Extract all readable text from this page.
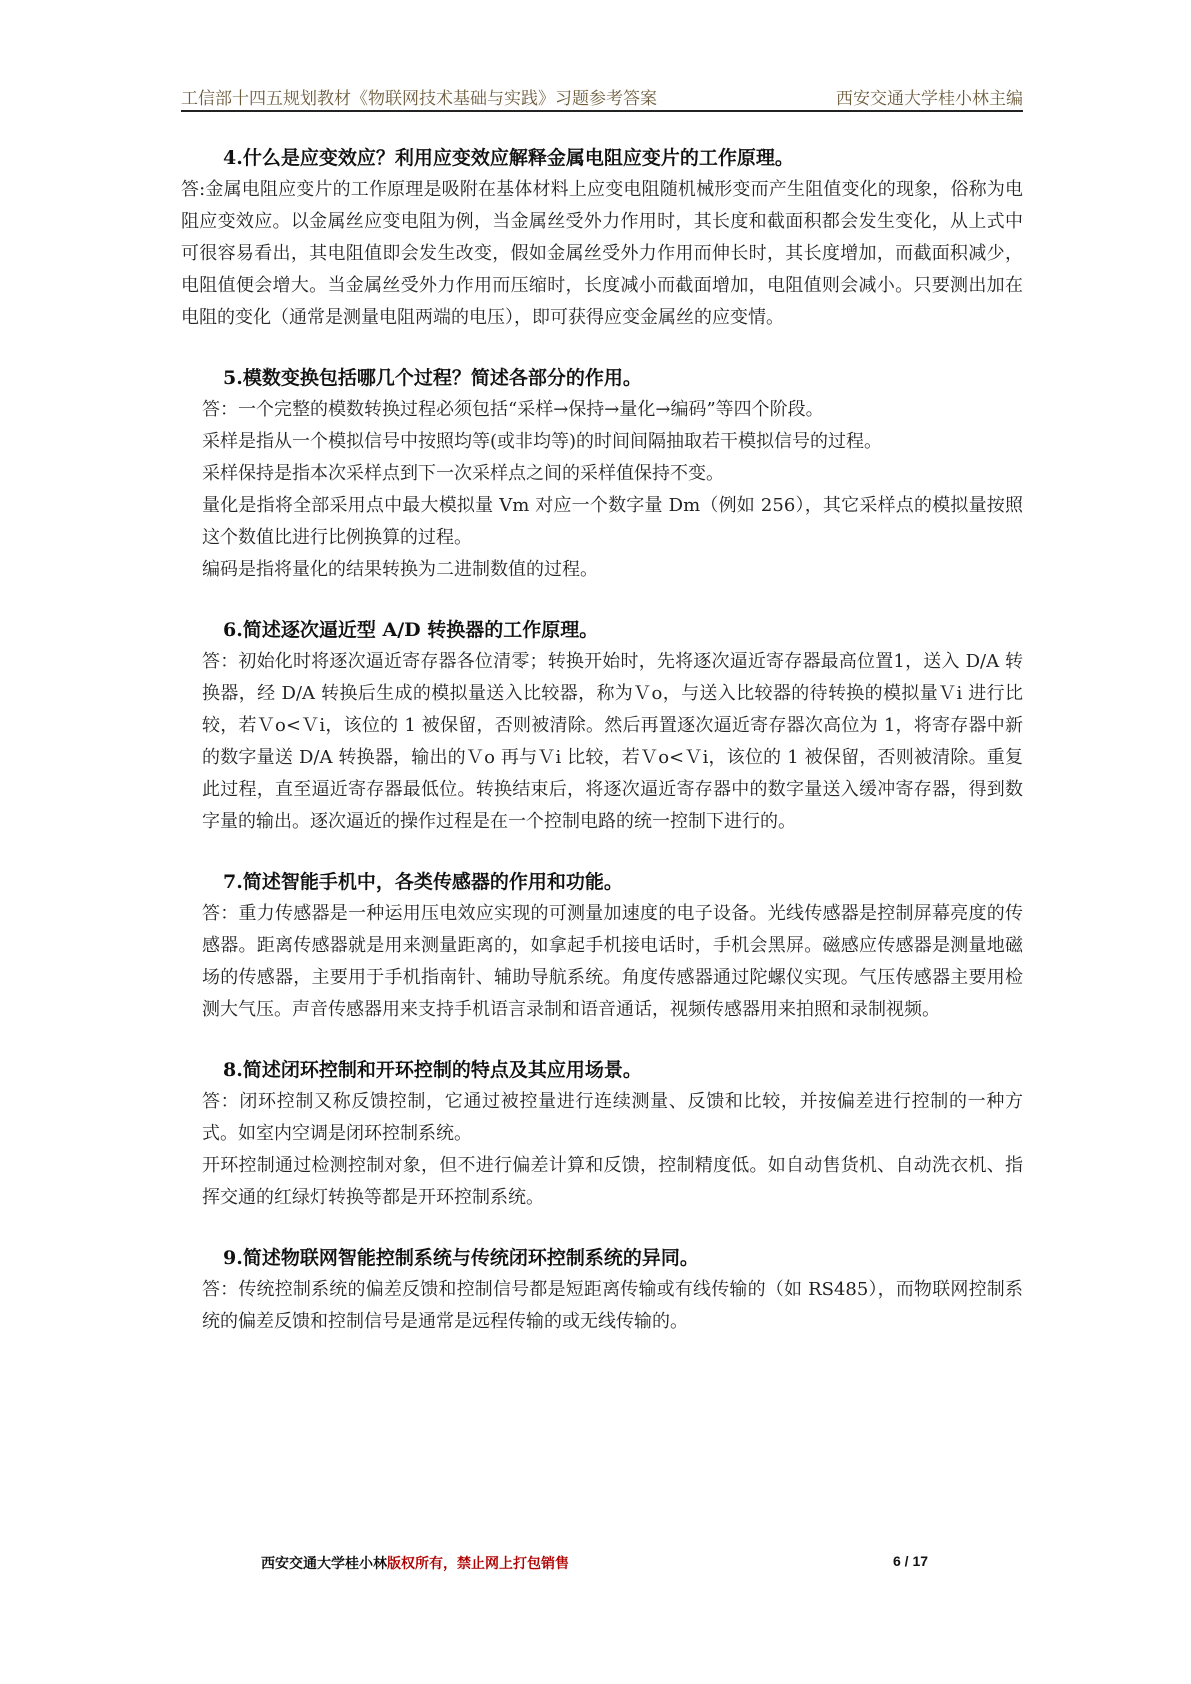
工信部十四五规划教材《物联网技术基础与实践》习题参考答案	西安交通大学桂小林主编

4.什么是应变效应？利用应变效应解释金属电阻应变片的工作原理。

答:金属电阻应变片的工作原理是吸附在基体材料上应变电阻随机械形变而产生阻值变化的现象，俗称为电阻应变效应。以金属丝应变电阻为例，当金属丝受外力作用时，其长度和截面积都会发生变化，从上式中可很容易看出，其电阻值即会发生改变，假如金属丝受外力作用而伸长时，其长度增加，而截面积减少，电阻值便会增大。当金属丝受外力作用而压缩时，长度减小而截面增加，电阻值则会减小。只要测出加在电阻的变化（通常是测量电阻两端的电压），即可获得应变金属丝的应变情。

5.模数变换包括哪几个过程？简述各部分的作用。

答：一个完整的模数转换过程必须包括“采样→保持→量化→编码”等四个阶段。

采样是指从一个模拟信号中按照均等(或非均等)的时间间隔抽取若干模拟信号的过程。

采样保持是指本次采样点到下一次采样点之间的采样值保持不变。

量化是指将全部采用点中最大模拟量 Vm 对应一个数字量 Dm（例如 256），其它采样点的模拟量按照这个数值比进行比例换算的过程。

编码是指将量化的结果转换为二进制数值的过程。

6.简述逐次逼近型 A/D 转换器的工作原理。

答：初始化时将逐次逼近寄存器各位清零；转换开始时，先将逐次逼近寄存器最高位置1，送入 D/A 转换器，经 D/A 转换后生成的模拟量送入比较器，称为Ｖo，与送入比较器的待转换的模拟量Ｖi 进行比较，若Ｖo<Ｖi，该位的 1 被保留，否则被清除。然后再置逐次逼近寄存器次高位为 1，将寄存器中新的数字量送 D/A 转换器，输出的Ｖo 再与Ｖi 比较，若Ｖo<Ｖi，该位的 1 被保留，否则被清除。重复此过程，直至逼近寄存器最低位。转换结束后，将逐次逼近寄存器中的数字量送入缓冲寄存器，得到数字量的输出。逐次逼近的操作过程是在一个控制电路的统一控制下进行的。

7.简述智能手机中，各类传感器的作用和功能。

答：重力传感器是一种运用压电效应实现的可测量加速度的电子设备。光线传感器是控制屏幕亮度的传感器。距离传感器就是用来测量距离的，如拿起手机接电话时，手机会黑屏。磁感应传感器是测量地磁场的传感器，主要用于手机指南针、辅助导航系统。角度传感器通过陀螺仪实现。气压传感器主要用检测大气压。声音传感器用来支持手机语言录制和语音通话，视频传感器用来拍照和录制视频。

8.简述闭环控制和开环控制的特点及其应用场景。

答：闭环控制又称反馈控制，它通过被控量进行连续测量、反馈和比较，并按偏差进行控制的一种方式。如室内空调是闭环控制系统。

开环控制通过检测控制对象，但不进行偏差计算和反馈，控制精度低。如自动售货机、自动洗衣机、指挥交通的红绿灯转换等都是开环控制系统。

9.简述物联网智能控制系统与传统闭环控制系统的异同。

答：传统控制系统的偏差反馈和控制信号都是短距离传输或有线传输的（如 RS485），而物联网控制系统的偏差反馈和控制信号是通常是远程传输的或无线传输的。

西安交通大学桂小林版权所有，禁止网上打包销售	6 / 17
